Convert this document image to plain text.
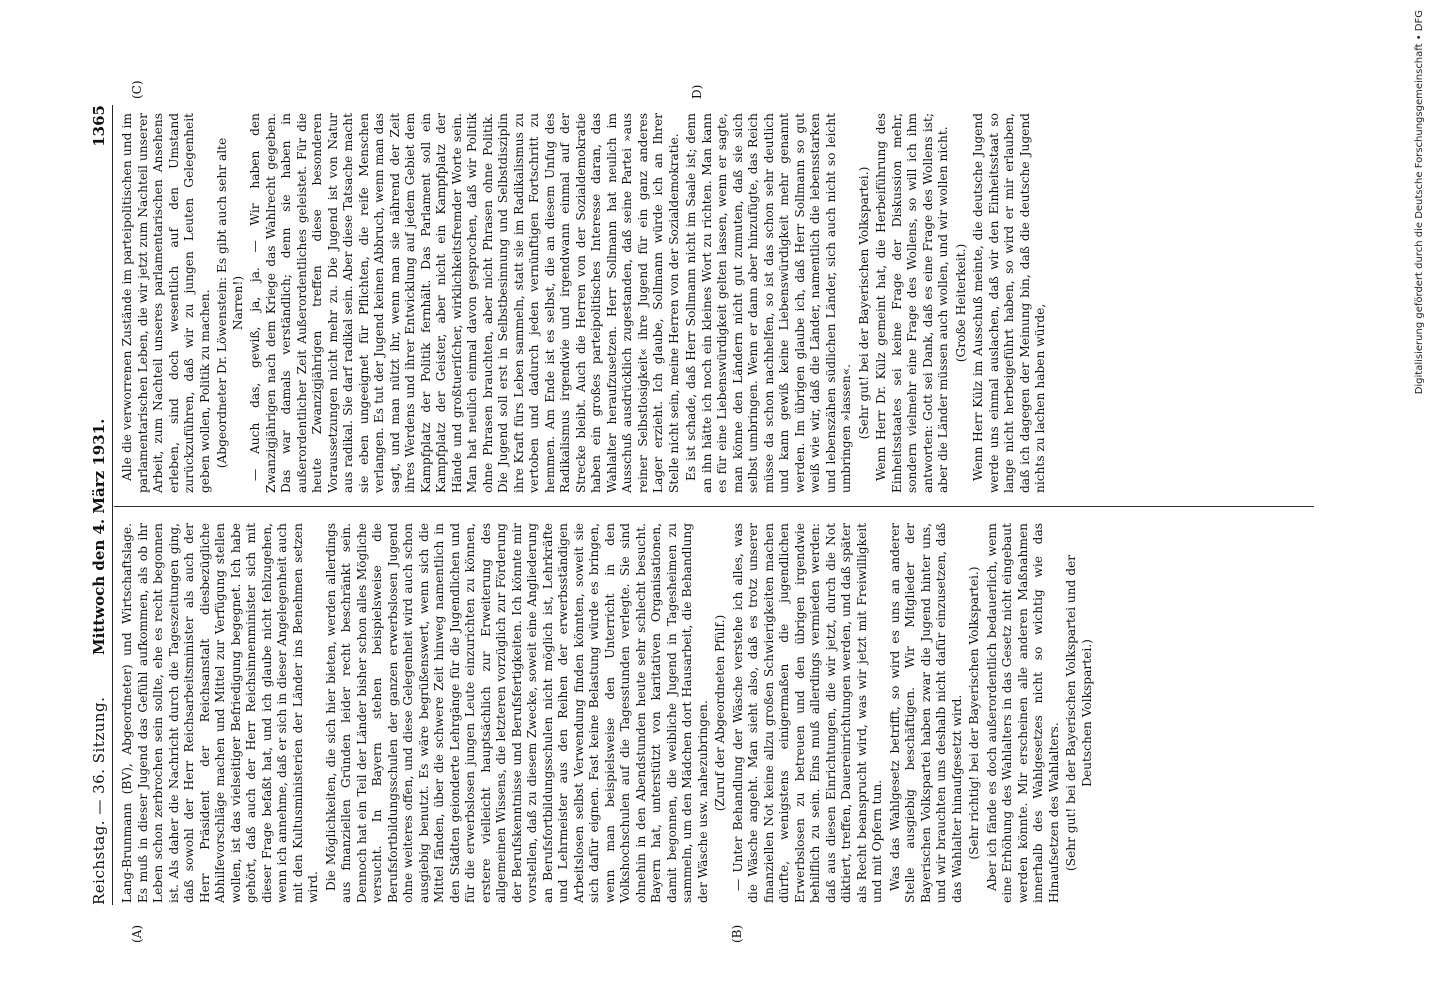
Reichstag. — 36. Sitzung.
Mittwoch den 4. März 1931.
1365
(A)	(B)
(C)	D)

Lang-Brunmann (BV), Abgeordneter) und Wirtschaftslage. Es muß in dieser Jugend das Gefühl aufkommen, als ob ihr Leben schon zerbrochen sein sollte, ehe es recht begonnen ist. Als daher die Nachricht durch die Tageszeitungen ging, daß sowohl der Herr Reichsarbeitsminister als auch der Herr Präsident der Reichsanstalt diesbezügliche Abhilfevorschläge machen und Mittel zur Verfügung stellen wollen, ist das vielseitiger Befriedigung begegnet. Ich habe gehört, daß auch der Herr Reichsinnenminister sich mit dieser Frage befaßt hat, und ich glaube nicht fehlzugehen, wenn ich annehme, daß er sich in dieser Angelegenheit auch mit den Kultusministerien der Länder ins Benehmen setzen wird. Die Möglichkeiten, die sich hier bieten, werden allerdings aus finanziellen Gründen leider recht beschränkt sein. Dennoch hat ein Teil der Länder bisher schon alles Mögliche versucht. In Bayern stehen beispielsweise die Berufsfortbildungsschulen der ganzen erwerbslosen Jugend ohne weiteres offen, und diese Gelegenheit wird auch schon ausgiebig benutzt. Es wäre begrüßenswert, wenn sich die Mittel fänden, über die schwere Zeit hinweg namentlich in den Städten geionderte Lehrgänge für die Jugendlichen und für die erwerbslosen jungen Leute einzurichten zu können, erstere vielleicht hauptsächlich zur Erweiterung des allgemeinen Wissens, die letzteren vorzüglich zur Förderung der Berufskenntnisse und Berufsfertigkeiten. Ich könnte mir vorstellen, daß zu diesem Zwecke, soweit eine Angliederung an Berufsfortbildungsschulen nicht möglich ist, Lehrkräfte und Lehrmeister aus den Reihen der erwerbsständigen Arbeitslosen selbst Verwendung finden könnten, soweit sie sich dafür eignen. Fast keine Belastung würde es bringen, wenn man beispielsweise den Unterricht in den Volkshochschulen auf die Tagesstunden verlegte. Sie sind ohnehin in den Abendstunden heute sehr schlecht besucht. Bayern hat, unterstützt von karitativen Organisationen, damit begonnen, die weibliche Jugend in Tagesheimen zu sammeln, um den Mädchen dort Hausarbeit, die Behandlung der Wäsche usw. nahezubringen. (Zuruf der Abgeordneten Pfülf.) — Unter Behandlung der Wäsche verstehe ich alles, was die Wäsche angeht. Man sieht also, daß es trotz unserer finanziellen Not keine allzu großen Schwierigkeiten machen dürfte, wenigstens einigermaßen die jugendlichen Erwerbslosen zu betreuen und den übrigen irgendwie behilflich zu sein. Eins muß allerdings vermieden werden: daß aus diesen Einrichtungen, die wir jetzt, durch die Not diktiert, treffen, Dauereinrichtungen werden, und daß später als Recht beansprucht wird, was wir jetzt mit Freiwilligkeit und mit Opfern tun. Was das Wahlgesetz betrifft, so wird es uns an anderer Stelle ausgiebig beschäftigen. Wir Mitglieder der Bayerischen Volkspartei haben zwar die Jugend hinter uns, und wir brauchten uns deshalb nicht dafür einzusetzen, daß das Wahlalter hinaufgesetzt wird. (Sehr richtig! bei der Bayerischen Volkspartei.) Aber ich fände es doch außerordentlich bedauerlich, wenn eine Erhöhung des Wahlalters in das Gesetz nicht eingebaut werden könnte. Mir erscheinen alle anderen Maßnahmen innerhalb des Wahlgesetzes nicht so wichtig wie das Hinaufsetzen des Wahlalters. (Sehr gut! bei der Bayerischen Volkspartei und der Deutschen Volkspartei.)

Alle die verworrenen Zustände im parteipolitischen und im parlamentarischen Leben, die wir jetzt zum Nachteil unserer Arbeit, zum Nachteil unseres parlamentarischen Ansehens erleben, sind doch wesentlich auf den Umstand zurückzuführen, daß wir zu jungen Leuten Gelegenheit geben wollen, Politik zu machen. (Abgeordneter Dr. Löwenstein: Es gibt auch sehr alte Narren!) — Auch das, gewiß, ja, ja. — Wir haben den Zwanzigjährigen nach dem Kriege das Wahlrecht gegeben. Das war damals verständlich; denn sie haben in außerordentlicher Zeit Außerordentliches geleistet. Für die heute Zwanzigjährigen treffen diese besonderen Voraussetzungen nicht mehr zu. Die Jugend ist von Natur aus radikal. Sie darf radikal sein. Aber diese Tatsache macht sie eben ungeeignet für Pflichten, die reife Menschen verlangen. Es tut der Jugend keinen Abbruch, wenn man das sagt, und man nützt ihr, wenn man sie nährend der Zeit ihres Werdens und ihrer Entwicklung auf jedem Gebiet dem Kampfplatz der Politik fernhält. Das Parlament soll ein Kampfplatz der Geister, aber nicht ein Kampfplatz der Hände und großtueriſcher, wirklichkeitsfremder Worte sein. Man hat neulich einmal davon gesprochen, daß wir Politik ohne Phrasen brauchten, aber nicht Phrasen ohne Politik. Die Jugend soll erst in Selbstbesinnung und Selbstdisziplin ihre Kraft fürs Leben sammeln, statt sie im Radikalismus zu vertoben und dadurch jeden vernünftigen Fortschritt zu hemmen. Am Ende ist es selbst, die an diesem Unfug des Radikalismus irgendwie und irgendwann einmal auf der Strecke bleibt. Auch die Herren von der Sozialdemokratie haben ein großes parteipolitisches Interesse daran, das Wahlalter heraufzusetzen. Herr Sollmann hat neulich im Ausschuß ausdrücklich zugestanden, daß seine Partei »aus reiner Selbstlosigkeit« ihre Jugend für ein ganz anderes Lager erzieht. Ich glaube, Sollmann würde ich an Ihrer Stelle nicht sein, meine Herren von der Sozialdemokratie. Es ist schade, daß Herr Sollmann nicht im Saale ist; denn an ihn hätte ich noch ein kleines Wort zu richten. Man kann es für eine Liebenswürdigkeit gelten lassen, wenn er sagte, man könne den Ländern nicht gut zumuten, daß sie sich selbst umbringen. Wenn er dann aber hinzufügte, das Reich müsse da schon nachhelfen, so ist das schon sehr deutlich und kann gewiß keine Liebenswürdigkeit mehr genannt werden. Im übrigen glaube ich, daß Herr Sollmann so gut weiß wie wir, daß die Länder, namentlich die lebensstarken und lebenszähen südlichen Länder, sich auch nicht so leicht umbringen »lassen«. (Sehr gut! bei der Bayerischen Volkspartei.) Wenn Herr Dr. Külz gemeint hat, die Herbeiführung des Einheitsstaates sei keine Frage der Diskussion mehr, sondern vielmehr eine Frage des Wollens, so will ich ihm antworten: Gott sei Dank, daß es eine Frage des Wollens ist; aber die Länder müssen auch wollen, und wir wollen nicht. (Große Heiterkeit.) Wenn Herr Külz im Ausschuß meinte, die deutsche Jugend werde uns einmal auslachen, daß wir den Einheitsstaat so lange nicht herbeigeführt haben, so wird er mir erlauben, daß ich dagegen der Meinung bin, daß die deutsche Jugend nichts zu lachen haben würde,

Digitalisierung gefördert durch die Deutsche Forschungsgemeinschaft • DFG
